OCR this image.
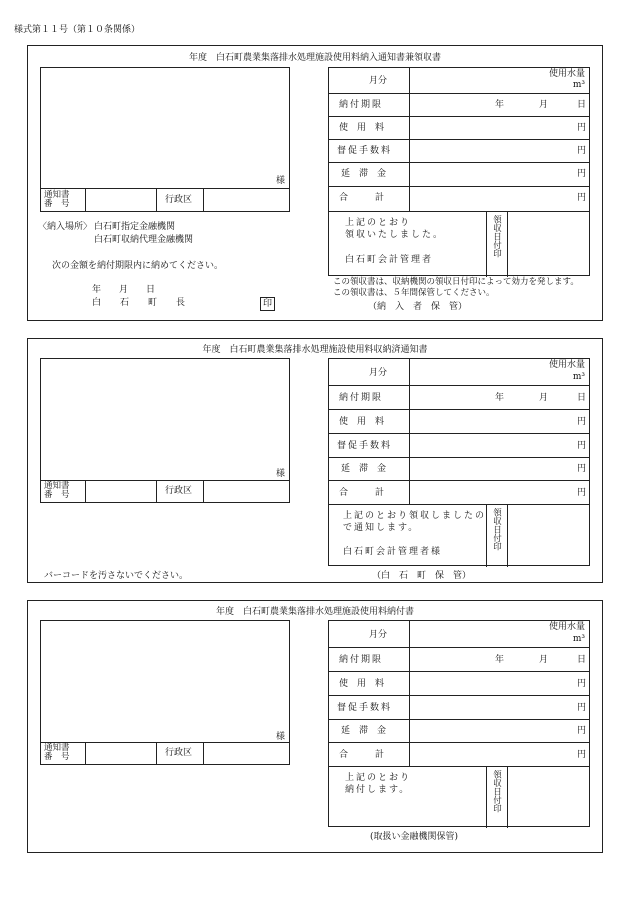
様式第１１号（第１０条関係）
年度　白石町農業集落排水処理施設使用料納入通知書兼領収書
様
通知書
番　号	行政区
〈納入場所〉 白石町指定金融機関
白石町収納代理金融機関
次の金額を納付期限内に納めてください。
年　　月　　日
白　石　町　長	印
月分
使用水量
m³
納付期限	年	月	日
使　用　料	円
督促手数料	円
延　滞　金	円
合　　　計	円
上記のとおり
領収いたしました。
白石町会計管理者
領収日付印
この領収書は、収納機関の領収日付印によって効力を発します。
この領収書は、５年間保管してください。
（納　入　者　保　管）
年度　白石町農業集落排水処理施設使用料収納済通知書
様
通知書
番　号	行政区
月分
使用水量
m³
納付期限	年	月	日
使　用　料	円
督促手数料	円
延　滞　金	円
合　　　計	円
上記のとおり領収しましたの
で通知します。
白石町会計管理者様
領収日付印
バーコードを汚さないでください。	（白　石　町　保　管）
年度　白石町農業集落排水処理施設使用料納付書
様
通知書
番　号	行政区
月分
使用水量
m³
納付期限	年	月	日
使　用　料	円
督促手数料	円
延　滞　金	円
合　　　計	円
上記のとおり
納付します。	領収日付印
(取扱い金融機関保管)
